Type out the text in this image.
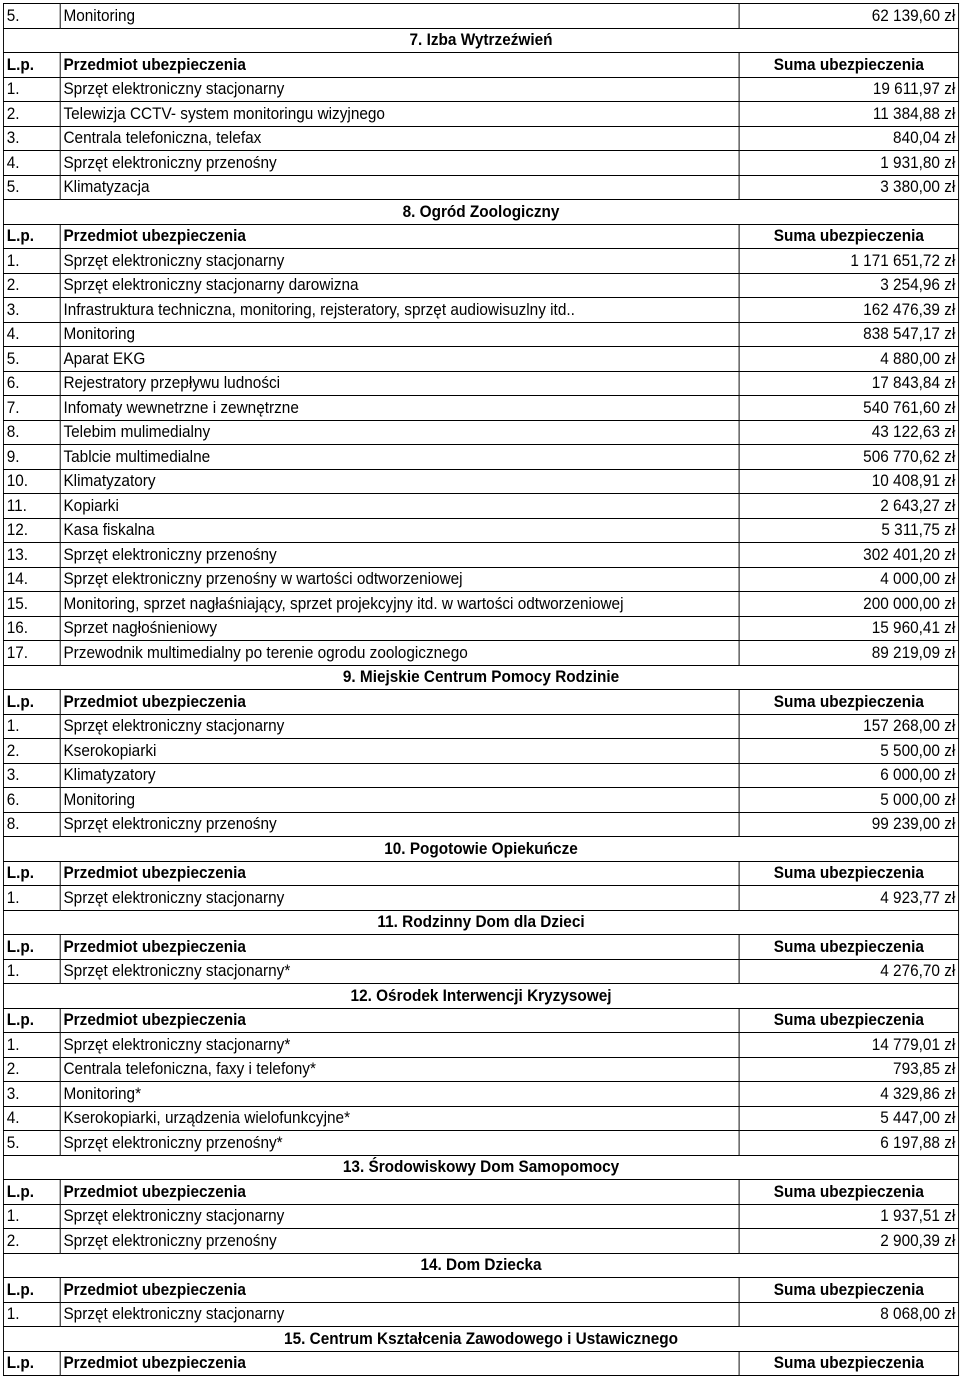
5.	Monitoring	62 139,60 zł
7. Izba Wytrzeźwień		
L.p.	Przedmiot ubezpieczenia	Suma ubezpieczenia
1.	Sprzęt elektroniczny stacjonarny	19 611,97 zł
2.	Telewizja CCTV- system monitoringu wizyjnego	11 384,88 zł
3.	Centrala telefoniczna, telefax	840,04 zł
4.	Sprzęt elektroniczny przenośny	1 931,80 zł
5.	Klimatyzacja	3 380,00 zł
8. Ogród Zoologiczny		
L.p.	Przedmiot ubezpieczenia	Suma ubezpieczenia
1.	Sprzęt elektroniczny stacjonarny	1 171 651,72 zł
2.	Sprzęt elektroniczny stacjonarny darowizna	3 254,96 zł
3.	Infrastruktura techniczna, monitoring, rejsteratory, sprzęt audiowisuzlny itd..	162 476,39 zł
4.	Monitoring	838 547,17 zł
5.	Aparat EKG	4 880,00 zł
6.	Rejestratory przepływu ludności	17 843,84 zł
7.	Infomaty wewnetrzne i zewnętrzne	540 761,60 zł
8.	Telebim mulimedialny	43 122,63 zł
9.	Tablcie multimedialne	506 770,62 zł
10.	Klimatyzatory	10 408,91 zł
11.	Kopiarki	2 643,27 zł
12.	Kasa fiskalna	5 311,75 zł
13.	Sprzęt elektroniczny przenośny	302 401,20 zł
14.	Sprzęt elektroniczny przenośny w wartości odtworzeniowej	4 000,00 zł
15.	Monitoring, sprzet nagłaśniający, sprzet projekcyjny itd. w wartości odtworzeniowej	200 000,00 zł
16.	Sprzet nagłośnieniowy	15 960,41 zł
17.	Przewodnik multimedialny po terenie ogrodu zoologicznego	89 219,09 zł
9. Miejskie Centrum Pomocy Rodzinie		
L.p.	Przedmiot ubezpieczenia	Suma ubezpieczenia
1.	Sprzęt elektroniczny stacjonarny	157 268,00 zł
2.	Kserokopiarki	5 500,00 zł
3.	Klimatyzatory	6 000,00 zł
6.	Monitoring	5 000,00 zł
8.	Sprzęt elektroniczny przenośny	99 239,00 zł
10. Pogotowie Opiekuńcze		
L.p.	Przedmiot ubezpieczenia	Suma ubezpieczenia
1.	Sprzęt elektroniczny stacjonarny	4 923,77 zł
11. Rodzinny Dom dla Dzieci		
L.p.	Przedmiot ubezpieczenia	Suma ubezpieczenia
1.	Sprzęt elektroniczny stacjonarny*	4 276,70 zł
12. Ośrodek Interwencji Kryzysowej		
L.p.	Przedmiot ubezpieczenia	Suma ubezpieczenia
1.	Sprzęt elektroniczny stacjonarny*	14 779,01 zł
2.	Centrala telefoniczna, faxy i telefony*	793,85 zł
3.	Monitoring*	4 329,86 zł
4.	Kserokopiarki, urządzenia wielofunkcyjne*	5 447,00 zł
5.	Sprzęt elektroniczny przenośny*	6 197,88 zł
13. Środowiskowy Dom Samopomocy		
L.p.	Przedmiot ubezpieczenia	Suma ubezpieczenia
1.	Sprzęt elektroniczny stacjonarny	1 937,51 zł
2.	Sprzęt elektroniczny przenośny	2 900,39 zł
14. Dom Dziecka		
L.p.	Przedmiot ubezpieczenia	Suma ubezpieczenia
1.	Sprzęt elektroniczny stacjonarny	8 068,00 zł
15. Centrum Kształcenia Zawodowego i Ustawicznego		
L.p.	Przedmiot ubezpieczenia	Suma ubezpieczenia
